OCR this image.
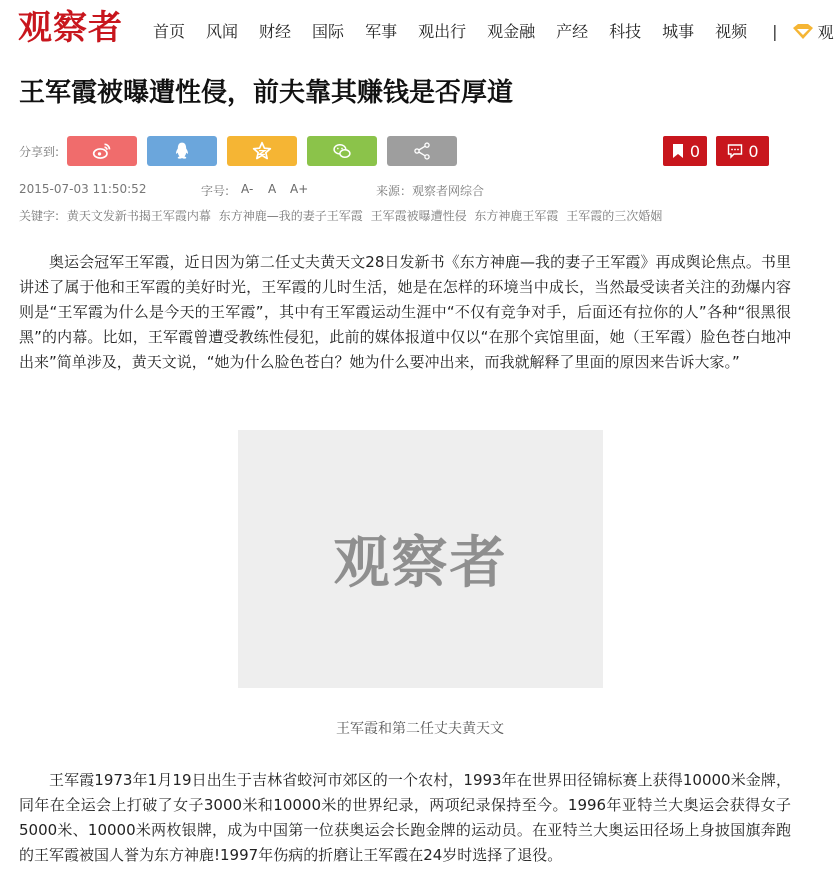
观察者 首页 风闻 财经 国际 军事 观出行 观金融 产经 科技 城事 视频 |	观
王军霞被曝遭性侵，前夫靠其赚钱是否厚道
分享到:	0	0
2015-07-03 11:50:52	字号: A- A A+	来源：观察者网综合
关键字: 黄天文发新书揭王军霞内幕 东方神鹿—我的妻子王军霞 王军霞被曝遭性侵 东方神鹿王军霞 王军霞的三次婚姻

奥运会冠军王军霞，近日因为第二任丈夫黄天文28日发新书《东方神鹿—我的妻子王军霞》再成舆论焦点。书里讲述了属于他和王军霞的美好时光，王军霞的儿时生活，她是在怎样的环境当中成长，当然最受读者关注的劲爆内容则是“王军霞为什么是今天的王军霞”，其中有王军霞运动生涯中“不仅有竞争对手，后面还有拉你的人”各种“很黑很黑”的内幕。比如，王军霞曾遭受教练性侵犯，此前的媒体报道中仅以“在那个宾馆里面，她（王军霞）脸色苍白地冲出来”简单涉及，黄天文说，“她为什么脸色苍白？她为什么要冲出来，而我就解释了里面的原因来告诉大家。”

观察者
王军霞和第二任丈夫黄天文

王军霞1973年1月19日出生于吉林省蛟河市郊区的一个农村，1993年在世界田径锦标赛上获得10000米金牌，同年在全运会上打破了女子3000米和10000米的世界纪录，两项纪录保持至今。1996年亚特兰大奥运会获得女子5000米、10000米两枚银牌，成为中国第一位获奥运会长跑金牌的运动员。在亚特兰大奥运田径场上身披国旗奔跑的王军霞被国人誉为东方神鹿!1997年伤病的折磨让王军霞在24岁时选择了退役。
